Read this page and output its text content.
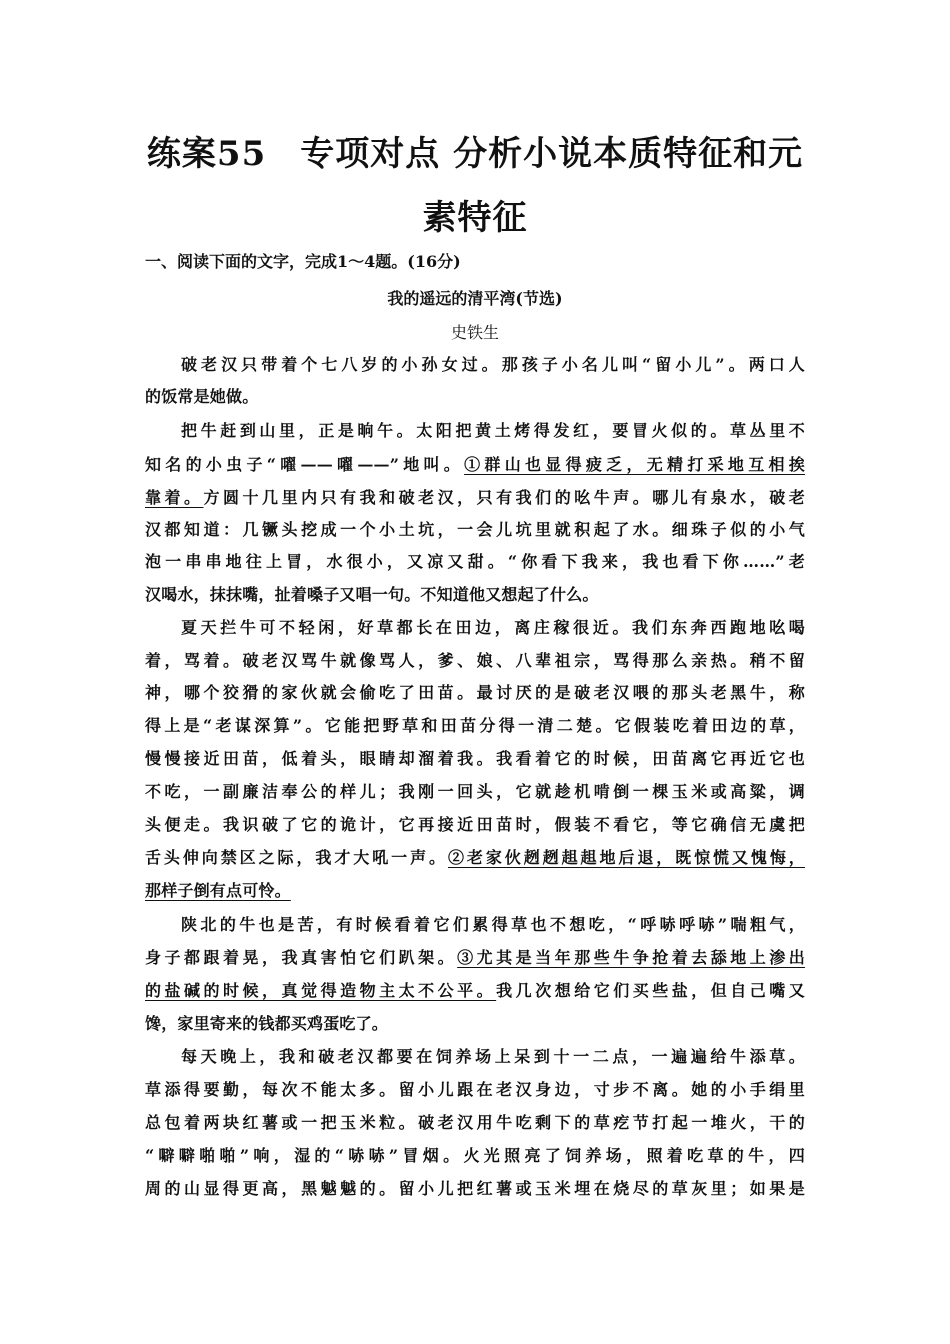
练案55 专项对点 分析小说本质特征和元
素特征
一、阅读下面的文字，完成1～4题。(16分)
我的遥远的清平湾(节选)
史铁生
破老汉只带着个七八岁的小孙女过。那孩子小名儿叫“留小儿”。两口人
的饭常是她做。
把牛赶到山里，正是晌午。太阳把黄土烤得发红，要冒火似的。草丛里不
知名的小虫子“嚁——嚁——”地叫。①群山也显得疲乏，无精打采地互相挨
靠着。方圆十几里内只有我和破老汉，只有我们的吆牛声。哪儿有泉水，破老
汉都知道：几镢头挖成一个小土坑，一会儿坑里就积起了水。细珠子似的小气
泡一串串地往上冒，水很小，又凉又甜。“你看下我来，我也看下你……”老
汉喝水，抹抹嘴，扯着嗓子又唱一句。不知道他又想起了什么。
夏天拦牛可不轻闲，好草都长在田边，离庄稼很近。我们东奔西跑地吆喝
着，骂着。破老汉骂牛就像骂人，爹、娘、八辈祖宗，骂得那么亲热。稍不留
神，哪个狡猾的家伙就会偷吃了田苗。最讨厌的是破老汉喂的那头老黑牛，称
得上是“老谋深算”。它能把野草和田苗分得一清二楚。它假装吃着田边的草，
慢慢接近田苗，低着头，眼睛却溜着我。我看着它的时候，田苗离它再近它也
不吃，一副廉洁奉公的样儿；我刚一回头，它就趁机啃倒一棵玉米或高粱，调
头便走。我识破了它的诡计，它再接近田苗时，假装不看它，等它确信无虞把
舌头伸向禁区之际，我才大吼一声。②老家伙趔趔趄趄地后退，既惊慌又愧悔，
那样子倒有点可怜。
陕北的牛也是苦，有时候看着它们累得草也不想吃，“呼哧呼哧”喘粗气，
身子都跟着晃，我真害怕它们趴架。③尤其是当年那些牛争抢着去舔地上渗出
的盐碱的时候，真觉得造物主太不公平。我几次想给它们买些盐，但自己嘴又
馋，家里寄来的钱都买鸡蛋吃了。
每天晚上，我和破老汉都要在饲养场上呆到十一二点，一遍遍给牛添草。
草添得要勤，每次不能太多。留小儿跟在老汉身边，寸步不离。她的小手绢里
总包着两块红薯或一把玉米粒。破老汉用牛吃剩下的草疙节打起一堆火，干的
“噼噼啪啪”响，湿的“哧哧”冒烟。火光照亮了饲养场，照着吃草的牛，四
周的山显得更高，黑魆魆的。留小儿把红薯或玉米埋在烧尽的草灰里；如果是
